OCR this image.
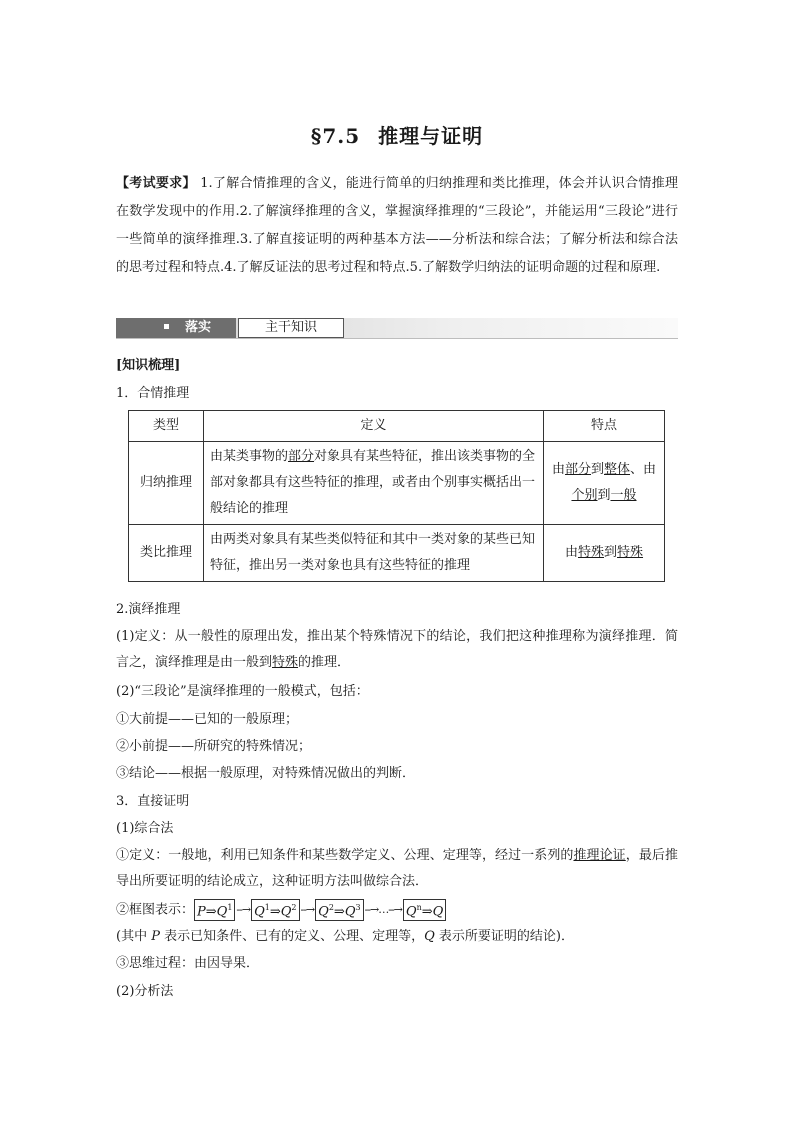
§7.5 推理与证明
【考试要求】 1.了解合情推理的含义，能进行简单的归纳推理和类比推理，体会并认识合情推理在数学发现中的作用.2.了解演绎推理的含义，掌握演绎推理的“三段论”，并能运用“三段论”进行一些简单的演绎推理.3.了解直接证明的两种基本方法——分析法和综合法；了解分析法和综合法的思考过程和特点.4.了解反证法的思考过程和特点.5.了解数学归纳法的证明命题的过程和原理.
落实	主干知识
[知识梳理]
1．合情推理
类型	定义	特点
归纳推理	由某类事物的部分对象具有某些特征，推出该类事物的全部对象都具有这些特征的推理，或者由个别事实概括出一般结论的推理	由部分到整体、由个别到一般
类比推理	由两类对象具有某些类似特征和其中一类对象的某些已知特征，推出另一类对象也具有这些特征的推理	由特殊到特殊
2.演绎推理
(1)定义：从一般性的原理出发，推出某个特殊情况下的结论，我们把这种推理称为演绎推理．简言之，演绎推理是由一般到特殊的推理．
(2)“三段论”是演绎推理的一般模式，包括：
①大前提——已知的一般原理；
②小前提——所研究的特殊情况；
③结论——根据一般原理，对特殊情况做出的判断．
3．直接证明
(1)综合法
①定义：一般地，利用已知条件和某些数学定义、公理、定理等，经过一系列的推理论证，最后推导出所要证明的结论成立，这种证明方法叫做综合法．
②框图表示： $P\Rightarrow Q^1$ --→ $Q^1\Rightarrow Q^2$ --→ $Q^2\Rightarrow Q^3$ --→…--→ $Q^n\Rightarrow Q$
(其中 P 表示已知条件、已有的定义、公理、定理等，Q 表示所要证明的结论)．
③思维过程：由因导果．
(2)分析法
